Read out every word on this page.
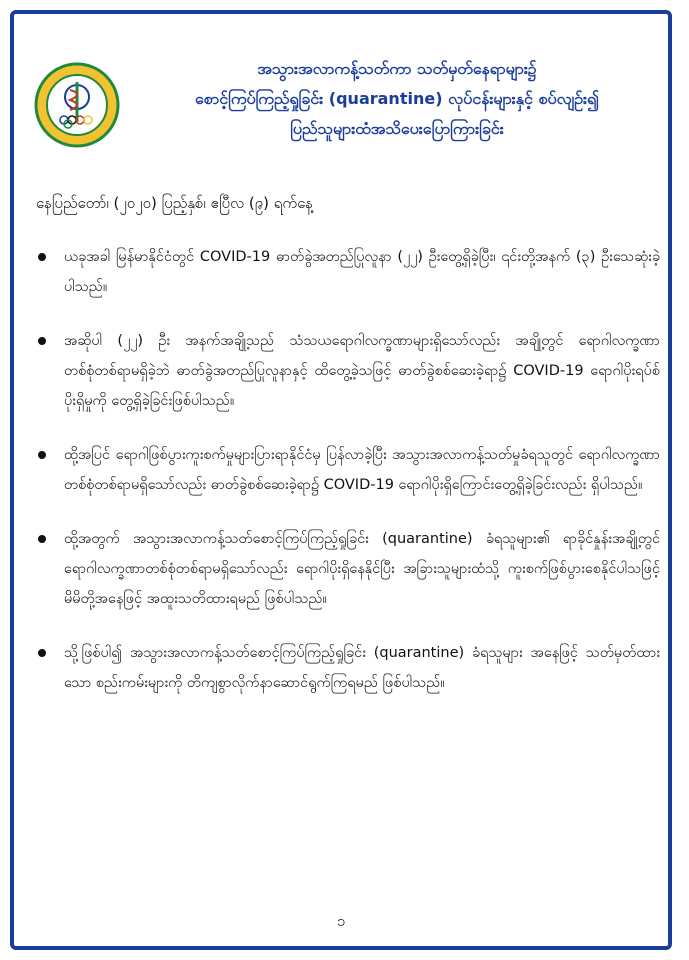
အသွားအလာကန့်သတ်ကာ သတ်မှတ်နေရာများ၌
စောင့်ကြပ်ကြည့်ရှုခြင်း (quarantine) လုပ်ငန်းများနှင့် စပ်လျဉ်း၍
ပြည်သူများထံအသိပေးပြောကြားခြင်း
နေပြည်တော်၊ (၂၀၂၀) ပြည့်နှစ်၊ ဧပြီလ (၉) ရက်နေ့
ယခုအခါ မြန်မာနိုင်ငံတွင် COVID-19 ဓာတ်ခွဲအတည်ပြုလူနာ (၂၂) ဦးတွေ့ရှိခဲ့ပြီး၊ ၎င်းတို့အနက် (၃) ဦးသေဆုံးခဲ့ပါသည်။
အဆိုပါ (၂၂) ဦး အနက်အချို့သည် သံသယရောဂါလက္ခဏာများရှိသော်လည်း အချို့တွင် ရောဂါလက္ခဏာတစ်စုံတစ်ရာမရှိခဲ့ဘဲ ဓာတ်ခွဲအတည်ပြုလူနာနှင့် ထိတွေ့ခဲ့သဖြင့် ဓာတ်ခွဲစစ်ဆေးခဲ့ရာ၌ COVID-19 ရောဂါပိုးရပ်စ်ပိုးရှိမှုကို တွေ့ရှိခဲ့ခြင်းဖြစ်ပါသည်။
ထို့အပြင် ရောဂါဖြစ်ပွားကူးစက်မှုများပြားရာနိုင်ငံမှ ပြန်လာခဲ့ပြီး အသွားအလာကန့်သတ်မှုခံရသူတွင် ရောဂါလက္ခဏာတစ်စုံတစ်ရာမရှိသော်လည်း ဓာတ်ခွဲစစ်ဆေးခဲ့ရာ၌ COVID-19 ရောဂါပိုးရှိကြောင်းတွေ့ရှိခဲ့ခြင်းလည်း ရှိပါသည်။
ထို့အတွက် အသွားအလာကန့်သတ်စောင့်ကြပ်ကြည့်ရှုခြင်း (quarantine) ခံရသူများ၏ ရာခိုင်နှုန်းအချို့တွင် ရောဂါလက္ခဏာတစ်စုံတစ်ရာမရှိသော်လည်း ရောဂါပိုးရှိနေနိုင်ပြီး အခြားသူများထံသို့ ကူးစက်ဖြစ်ပွားစေနိုင်ပါသဖြင့် မိမိတို့အနေဖြင့် အထူးသတိထားရမည် ဖြစ်ပါသည်။
သို့ဖြစ်ပါ၍ အသွားအလာကန့်သတ်စောင့်ကြပ်ကြည့်ရှုခြင်း (quarantine) ခံရသူများ အနေဖြင့် သတ်မှတ်ထားသော စည်းကမ်းများကို တိကျစွာလိုက်နာဆောင်ရွက်ကြရမည် ဖြစ်ပါသည်။
၁
